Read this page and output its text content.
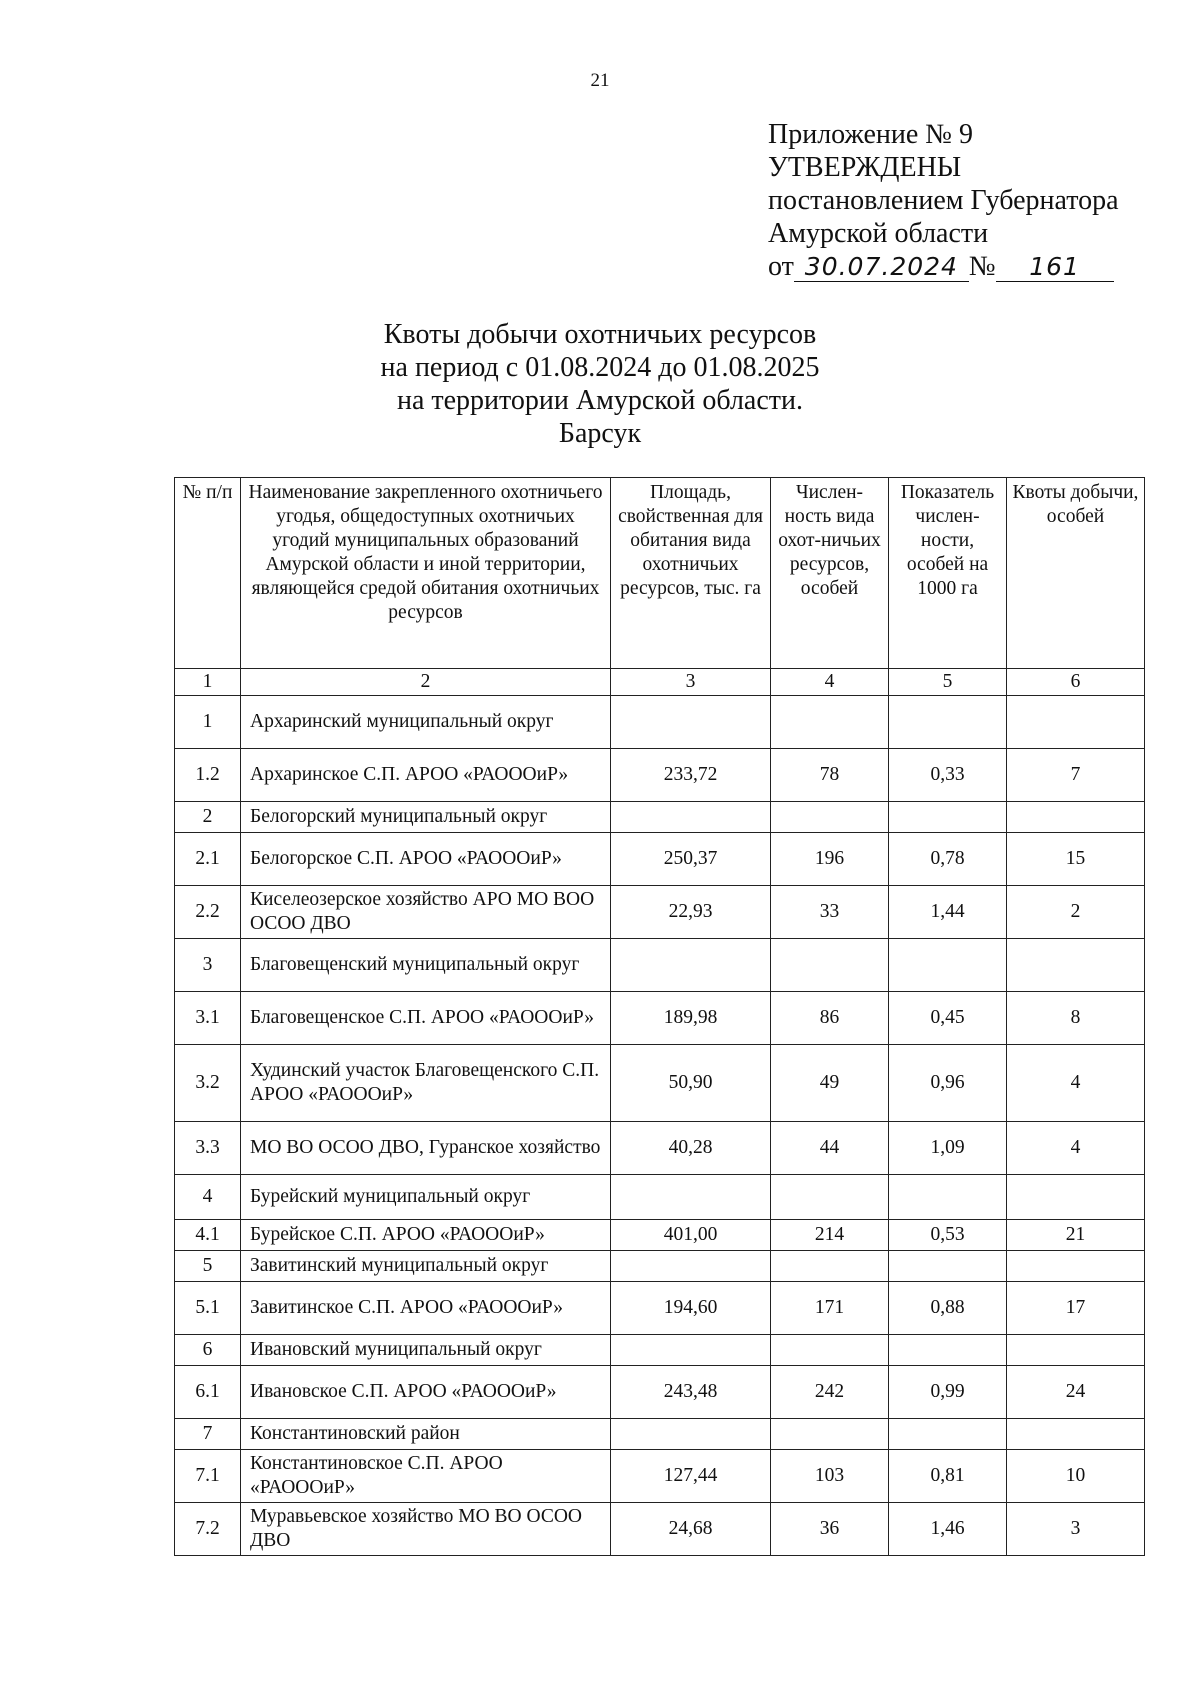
21
Приложение № 9
УТВЕРЖДЕНЫ
постановлением Губернатора
Амурской области
от 30.07.2024 №	161
Квоты добычи охотничьих ресурсов
на период с 01.08.2024 до 01.08.2025
на территории Амурской области.
Барсук
№ п/п	Наименование закрепленного охотничьего угодья, общедоступных охотничьих угодий муниципальных образований Амурской области и иной территории, являющейся средой обитания охотничьих ресурсов	Площадь, свойственная для обитания вида охотничьих ресурсов, тыс. га	Числен-ность вида охот-ничьих ресурсов, особей	Показатель числен-ности, особей на 1000 га	Квоты добычи, особей
1	2	3	4	5	6
1	Архаринский муниципальный округ				
1.2	Архаринское С.П. АРОО «РАОООиР»	233,72	78	0,33	7
2	Белогорский муниципальный округ				
2.1	Белогорское С.П. АРОО «РАОООиР»	250,37	196	0,78	15
2.2	Киселеозерское хозяйство АРО МО ВОО ОСОО ДВО	22,93	33	1,44	2
3	Благовещенский муниципальный округ				
3.1	Благовещенское С.П. АРОО «РАОООиР»	189,98	86	0,45	8
3.2	Худинский участок Благовещенского С.П. АРОО «РАОООиР»	50,90	49	0,96	4
3.3	МО ВО ОСОО ДВО, Гуранское хозяйство	40,28	44	1,09	4
4	Бурейский муниципальный округ				
4.1	Бурейское С.П. АРОО «РАОООиР»	401,00	214	0,53	21
5	Завитинский муниципальный округ				
5.1	Завитинское С.П. АРОО «РАОООиР»	194,60	171	0,88	17
6	Ивановский муниципальный округ				
6.1	Ивановское С.П. АРОО «РАОООиР»	243,48	242	0,99	24
7	Константиновский район				
7.1	Константиновское С.П. АРОО «РАОООиР»	127,44	103	0,81	10
7.2	Муравьевское хозяйство МО ВО ОСОО ДВО	24,68	36	1,46	3
